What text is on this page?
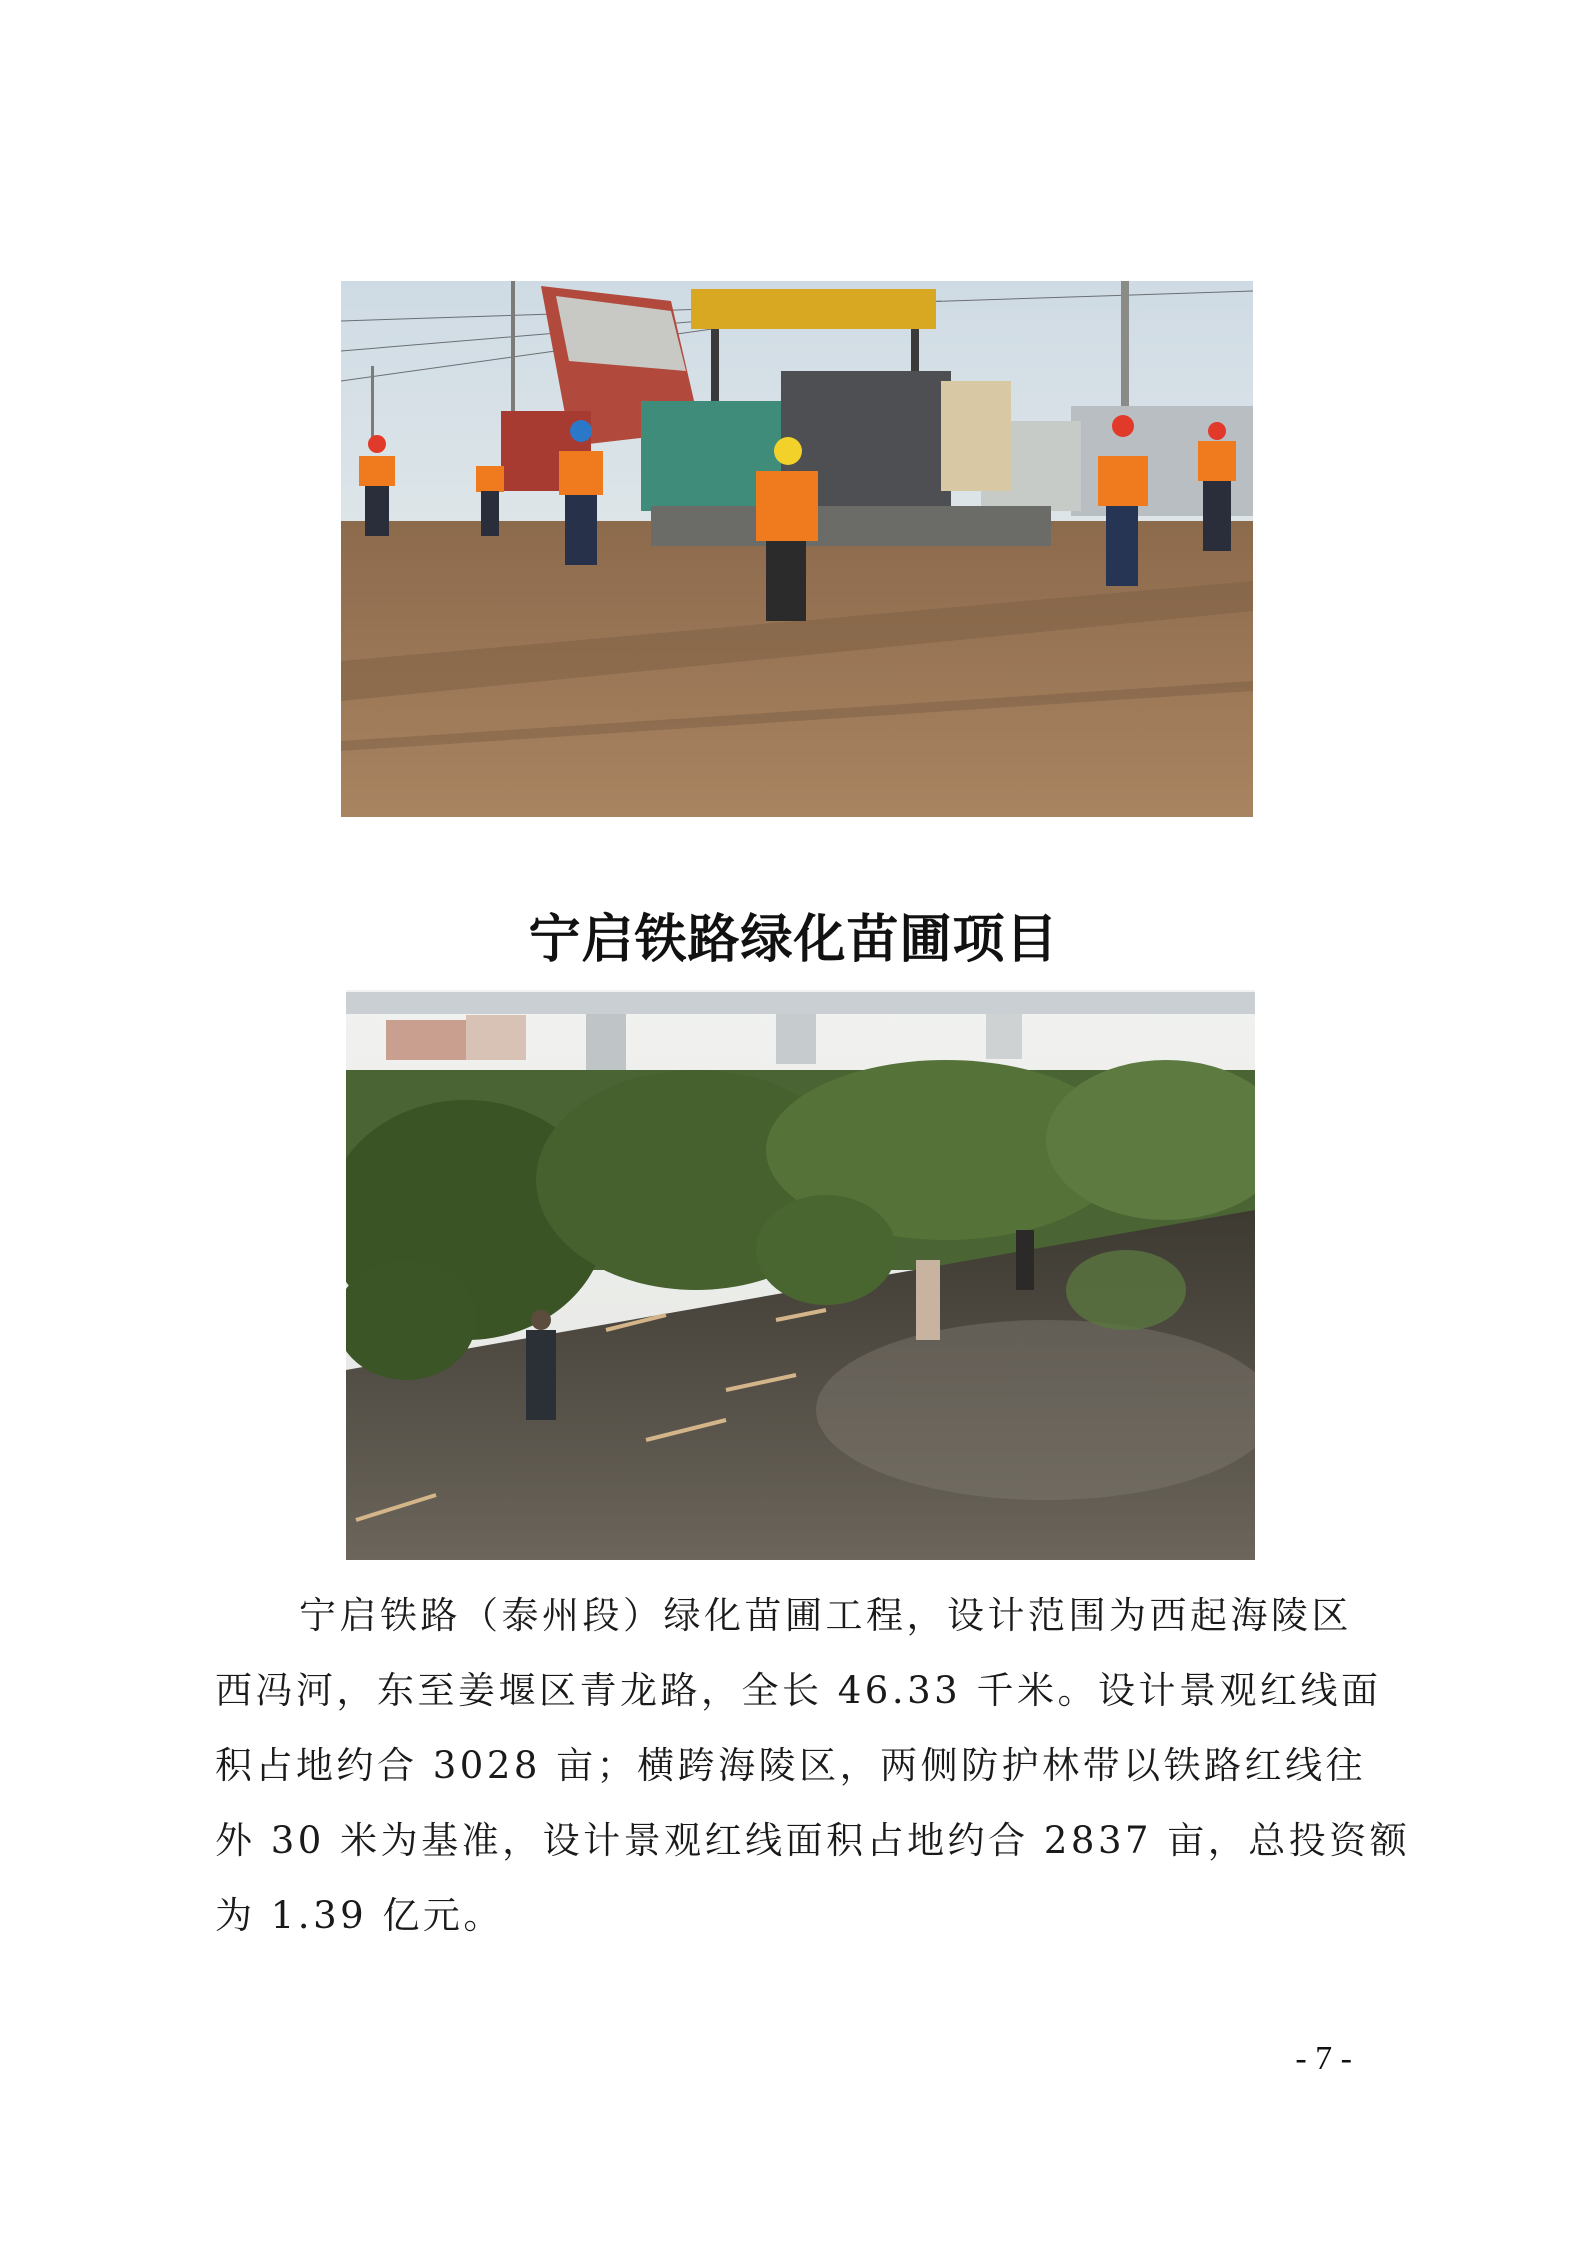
宁启铁路绿化苗圃项目
宁启铁路（泰州段）绿化苗圃工程，设计范围为西起海陵区
西冯河，东至姜堰区青龙路，全长 46.33 千米。设计景观红线面
积占地约合 3028 亩；横跨海陵区，两侧防护林带以铁路红线往
外 30 米为基准，设计景观红线面积占地约合 2837 亩，总投资额
为 1.39 亿元。
- 7 -
